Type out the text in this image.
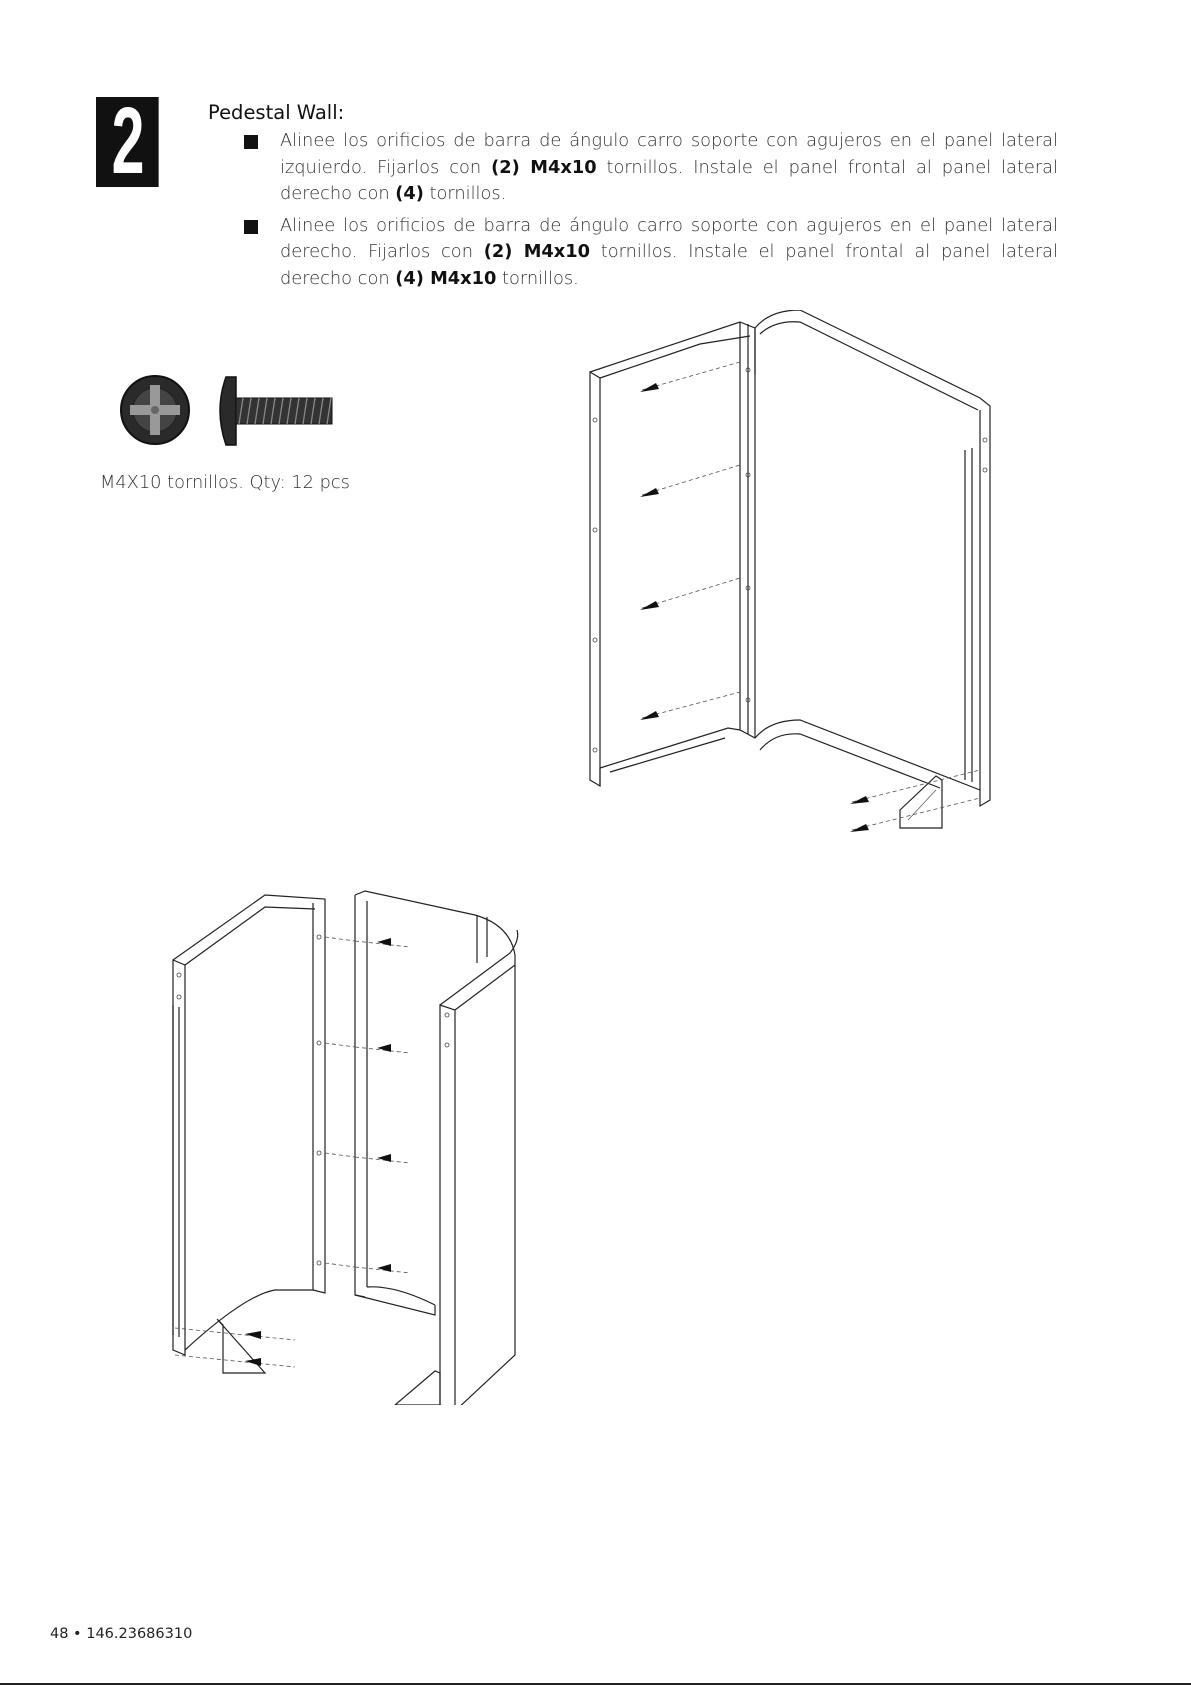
2	Pedestal Wall:
Alinee los orificios de barra de ángulo carro soporte con agujeros en el panel lateral izquierdo. Fijarlos con (2) M4x10 tornillos. Instale el panel frontal al panel lateral derecho con (4) tornillos.
Alinee los orificios de barra de ángulo carro soporte con agujeros en el panel lateral derecho. Fijarlos con (2) M4x10 tornillos. Instale el panel frontal al panel lateral derecho con (4) M4x10 tornillos.
M4X10 tornillos. Qty: 12 pcs
48 • 146.23686310
